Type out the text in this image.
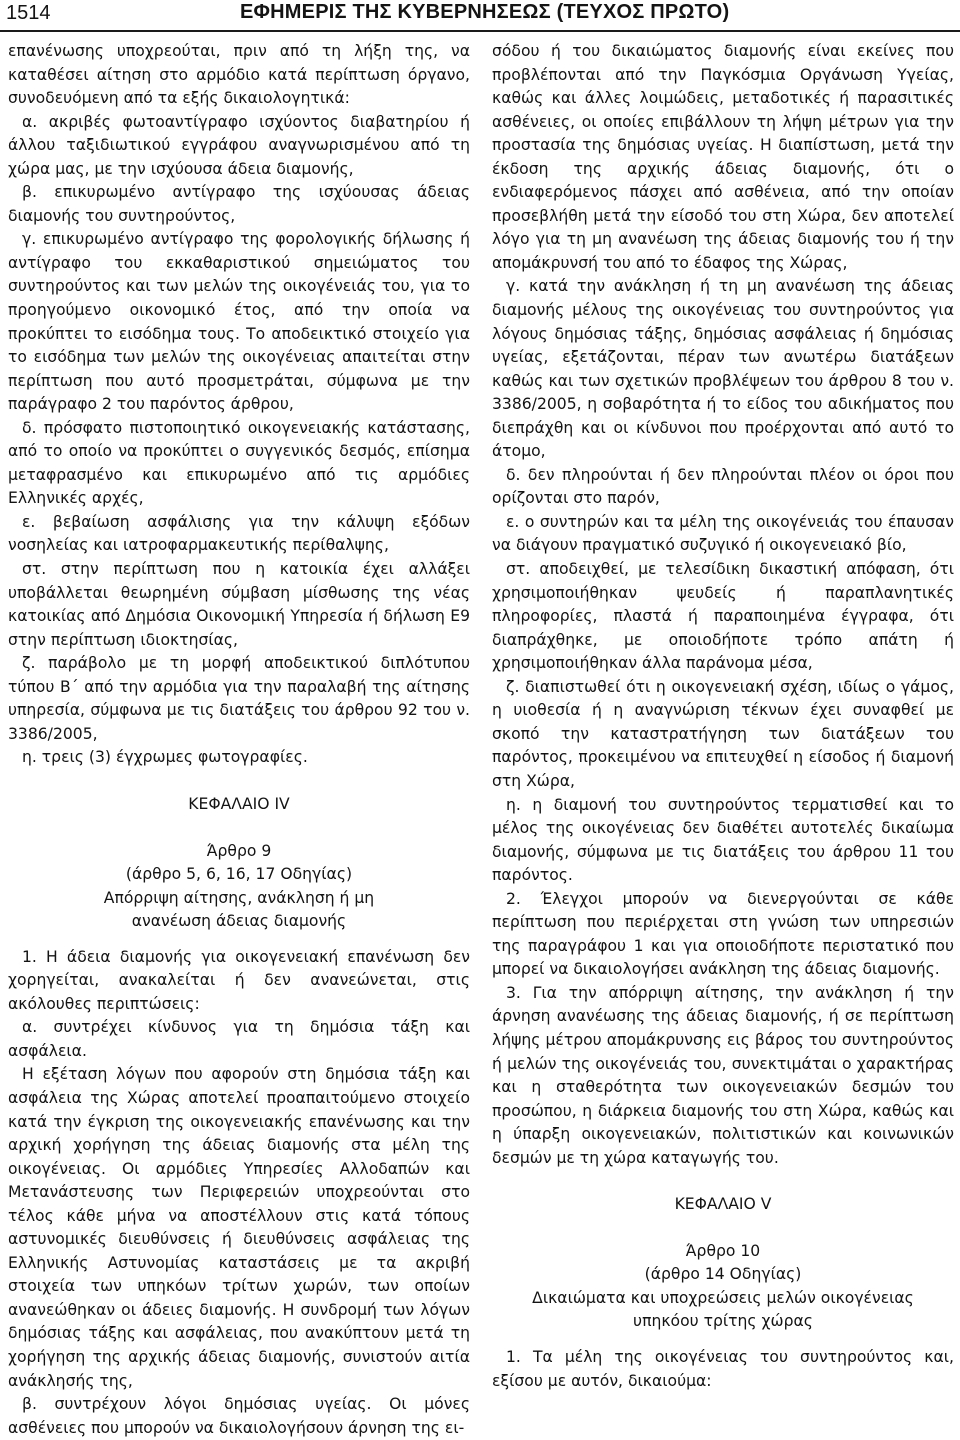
1514	ΕΦΗΜΕΡΙΣ ΤΗΣ ΚΥΒΕΡΝΗΣΕΩΣ (ΤΕΥΧΟΣ ΠΡΩΤΟ)

επανένωσης υποχρεούται, πριν από τη λήξη της, να καταθέσει αίτηση στο αρμόδιο κατά περίπτωση όργανο, συνοδευόμενη από τα εξής δικαιολογητικά:

α. ακριβές φωτοαντίγραφο ισχύοντος διαβατηρίου ή άλλου ταξιδιωτικού εγγράφου αναγνωρισμένου από τη χώρα μας, με την ισχύουσα άδεια διαμονής,

β. επικυρωμένο αντίγραφο της ισχύουσας άδειας διαμονής του συντηρούντος,

γ. επικυρωμένο αντίγραφο της φορολογικής δήλωσης ή αντίγραφο του εκκαθαριστικού σημειώματος του συντηρούντος και των μελών της οικογένειάς του, για το προηγούμενο οικονομικό έτος, από την οποία να προκύπτει το εισόδημα τους. Το αποδεικτικό στοιχείο για το εισόδημα των μελών της οικογένειας απαιτείται στην περίπτωση που αυτό προσμετράται, σύμφωνα με την παράγραφο 2 του παρόντος άρθρου,

δ. πρόσφατο πιστοποιητικό οικογενειακής κατάστασης, από το οποίο να προκύπτει ο συγγενικός δεσμός, επίσημα μεταφρασμένο και επικυρωμένο από τις αρμόδιες Ελληνικές αρχές,

ε. βεβαίωση ασφάλισης για την κάλυψη εξόδων νοσηλείας και ιατροφαρμακευτικής περίθαλψης,

στ. στην περίπτωση που η κατοικία έχει αλλάξει υποβάλλεται θεωρημένη σύμβαση μίσθωσης της νέας κατοικίας από Δημόσια Οικονομική Υπηρεσία ή δήλωση Ε9 στην περίπτωση ιδιοκτησίας,

ζ. παράβολο με τη μορφή αποδεικτικού διπλότυπου τύπου Β΄ από την αρμόδια για την παραλαβή της αίτησης υπηρεσία, σύμφωνα με τις διατάξεις του άρθρου 92 του ν. 3386/2005,

η. τρεις (3) έγχρωμες φωτογραφίες.

ΚΕΦΑΛΑΙΟ IV

Άρθρο 9

(άρθρο 5, 6, 16, 17 Οδηγίας)

Απόρριψη αίτησης, ανάκληση ή μη

ανανέωση άδειας διαμονής

1. Η άδεια διαμονής για οικογενειακή επανένωση δεν χορηγείται, ανακαλείται ή δεν ανανεώνεται, στις ακόλουθες περιπτώσεις:

α. συντρέχει κίνδυνος για τη δημόσια τάξη και ασφάλεια.

Η εξέταση λόγων που αφορούν στη δημόσια τάξη και ασφάλεια της Χώρας αποτελεί προαπαιτούμενο στοιχείο κατά την έγκριση της οικογενειακής επανένωσης και την αρχική χορήγηση της άδειας διαμονής στα μέλη της οικογένειας. Οι αρμόδιες Υπηρεσίες Αλλοδαπών και Μετανάστευσης των Περιφερειών υποχρεούνται στο τέλος κάθε μήνα να αποστέλλουν στις κατά τόπους αστυνομικές διευθύνσεις ή διευθύνσεις ασφάλειας της Ελληνικής Αστυνομίας καταστάσεις με τα ακριβή στοιχεία των υπηκόων τρίτων χωρών, των οποίων ανανεώθηκαν οι άδειες διαμονής. Η συνδρομή των λόγων δημόσιας τάξης και ασφάλειας, που ανακύπτουν μετά τη χορήγηση της αρχικής άδειας διαμονής, συνιστούν αιτία ανάκλησής της,

β. συντρέχουν λόγοι δημόσιας υγείας. Οι μόνες ασθένειες που μπορούν να δικαιολογήσουν άρνηση της ει-

σόδου ή του δικαιώματος διαμονής είναι εκείνες που προβλέπονται από την Παγκόσμια Οργάνωση Υγείας, καθώς και άλλες λοιμώδεις, μεταδοτικές ή παρασιτικές ασθένειες, οι οποίες επιβάλλουν τη λήψη μέτρων για την προστασία της δημόσιας υγείας. Η διαπίστωση, μετά την έκδοση της αρχικής άδειας διαμονής, ότι ο ενδιαφερόμενος πάσχει από ασθένεια, από την οποίαν προσεβλήθη μετά την είσοδό του στη Χώρα, δεν αποτελεί λόγο για τη μη ανανέωση της άδειας διαμονής του ή την απομάκρυνσή του από το έδαφος της Χώρας,

γ. κατά την ανάκληση ή τη μη ανανέωση της άδειας διαμονής μέλους της οικογένειας του συντηρούντος για λόγους δημόσιας τάξης, δημόσιας ασφάλειας ή δημόσιας υγείας, εξετάζονται, πέραν των ανωτέρω διατάξεων καθώς και των σχετικών προβλέψεων του άρθρου 8 του ν. 3386/2005, η σοβαρότητα ή το είδος του αδικήματος που διεπράχθη και οι κίνδυνοι που προέρχονται από αυτό το άτομο,

δ. δεν πληρούνται ή δεν πληρούνται πλέον οι όροι που ορίζονται στο παρόν,

ε. ο συντηρών και τα μέλη της οικογένειάς του έπαυσαν να διάγουν πραγματικό συζυγικό ή οικογενειακό βίο,

στ. αποδειχθεί, με τελεσίδικη δικαστική απόφαση, ότι χρησιμοποιήθηκαν ψευδείς ή παραπλανητικές πληροφορίες, πλαστά ή παραποιημένα έγγραφα, ότι διαπράχθηκε, με οποιοδήποτε τρόπο απάτη ή χρησιμοποιήθηκαν άλλα παράνομα μέσα,

ζ. διαπιστωθεί ότι η οικογενειακή σχέση, ιδίως ο γάμος, η υιοθεσία ή η αναγνώριση τέκνων έχει συναφθεί με σκοπό την καταστρατήγηση των διατάξεων του παρόντος, προκειμένου να επιτευχθεί η είσοδος ή διαμονή στη Χώρα,

η. η διαμονή του συντηρούντος τερματισθεί και το μέλος της οικογένειας δεν διαθέτει αυτοτελές δικαίωμα διαμονής, σύμφωνα με τις διατάξεις του άρθρου 11 του παρόντος.

2. Έλεγχοι μπορούν να διενεργούνται σε κάθε περίπτωση που περιέρχεται στη γνώση των υπηρεσιών της παραγράφου 1 και για οποιοδήποτε περιστατικό που μπορεί να δικαιολογήσει ανάκληση της άδειας διαμονής.

3. Για την απόρριψη αίτησης, την ανάκληση ή την άρνηση ανανέωσης της άδειας διαμονής, ή σε περίπτωση λήψης μέτρου απομάκρυνσης εις βάρος του συντηρούντος ή μελών της οικογένειάς του, συνεκτιμάται ο χαρακτήρας και η σταθερότητα των οικογενειακών δεσμών του προσώπου, η διάρκεια διαμονής του στη Χώρα, καθώς και η ύπαρξη οικογενειακών, πολιτιστικών και κοινωνικών δεσμών με τη χώρα καταγωγής του.

ΚΕΦΑΛΑΙΟ V

Άρθρο 10

(άρθρο 14 Οδηγίας)

Δικαιώματα και υποχρεώσεις μελών οικογένειας

υπηκόου τρίτης χώρας

1. Τα μέλη της οικογένειας του συντηρούντος και, εξίσου με αυτόν, δικαιούμα:
